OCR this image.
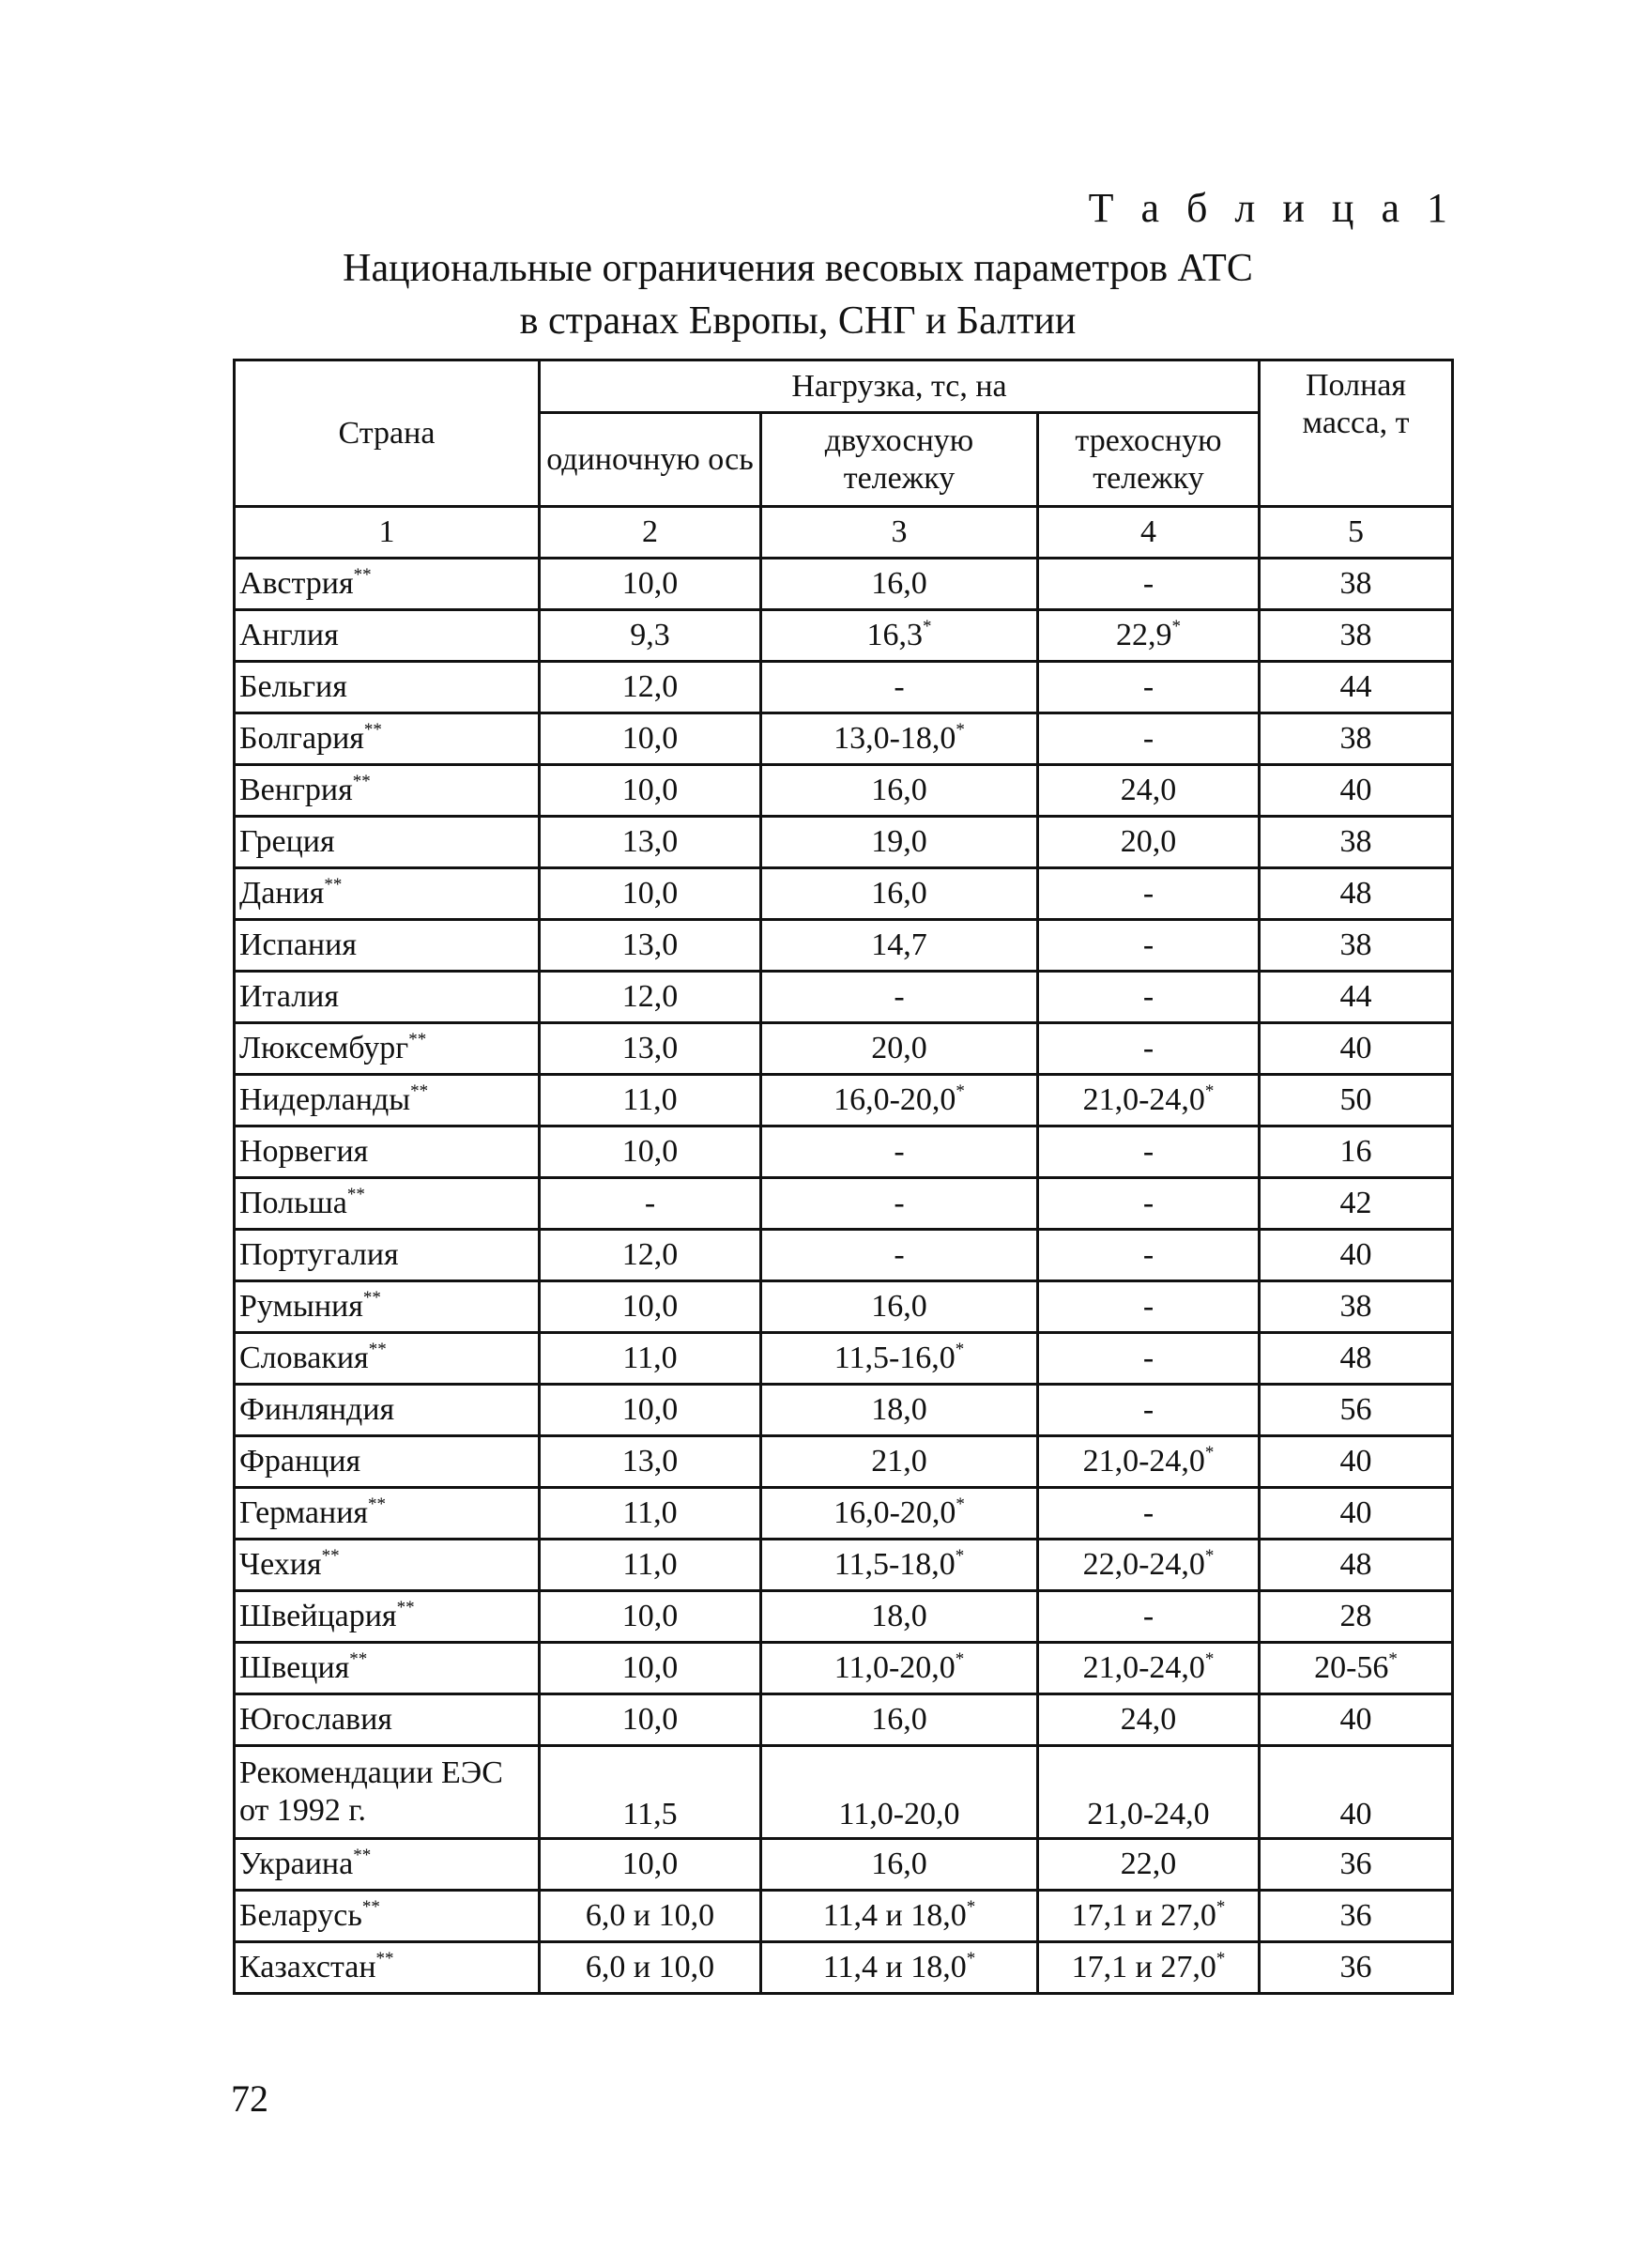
Т а б л и ц а 1
Национальные ограничения весовых параметров АТС
в странах Европы, СНГ и Балтии
Страна	Нагрузка, тс, на			Полная масса, т
	одиночную ось	двухосную тележку	трехосную тележку	
1	2	3	4	5
Австрия**	10,0	16,0	-	38
Англия	9,3	16,3*	22,9*	38
Бельгия	12,0	-	-	44
Болгария**	10,0	13,0-18,0*	-	38
Венгрия**	10,0	16,0	24,0	40
Греция	13,0	19,0	20,0	38
Дания**	10,0	16,0	-	48
Испания	13,0	14,7	-	38
Италия	12,0	-	-	44
Люксембург**	13,0	20,0	-	40
Нидерланды**	11,0	16,0-20,0*	21,0-24,0*	50
Норвегия	10,0	-	-	16
Польша**	-	-	-	42
Португалия	12,0	-	-	40
Румыния**	10,0	16,0	-	38
Словакия**	11,0	11,5-16,0*	-	48
Финляндия	10,0	18,0	-	56
Франция	13,0	21,0	21,0-24,0*	40
Германия**	11,0	16,0-20,0*	-	40
Чехия**	11,0	11,5-18,0*	22,0-24,0*	48
Швейцария**	10,0	18,0	-	28
Швеция**	10,0	11,0-20,0*	21,0-24,0*	20-56*
Югославия	10,0	16,0	24,0	40
Рекомендации ЕЭС от 1992 г.	11,5	11,0-20,0	21,0-24,0	40
Украина**	10,0	16,0	22,0	36
Беларусь**	6,0 и 10,0	11,4 и 18,0*	17,1 и 27,0*	36
Казахстан**	6,0 и 10,0	11,4 и 18,0*	17,1 и 27,0*	36
72
